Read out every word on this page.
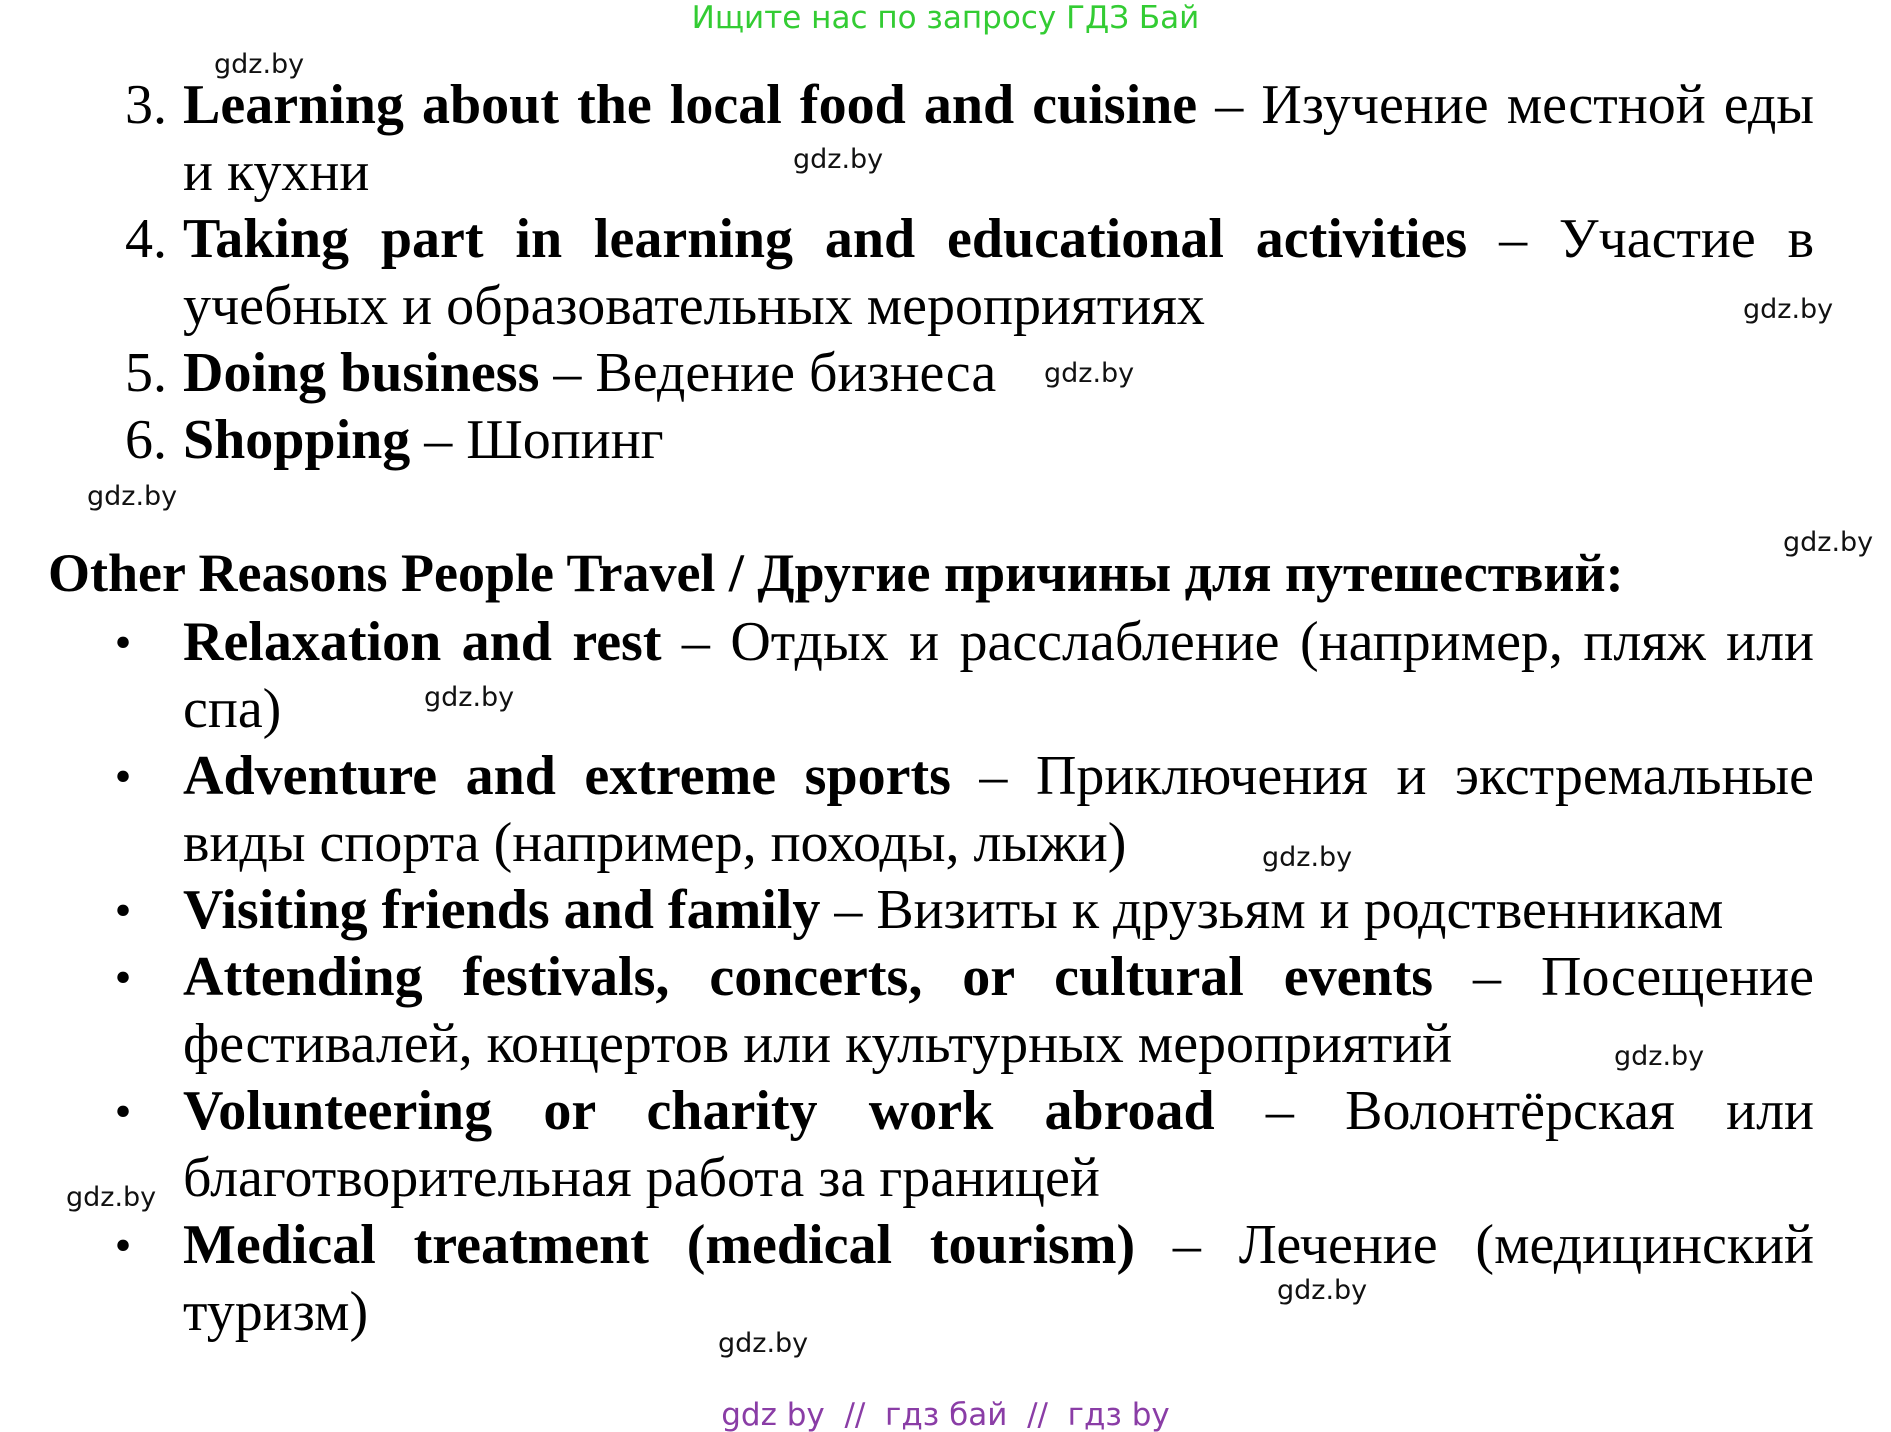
Ищите нас по запросу ГДЗ Бай
3. Learning about the local food and cuisine – Изучение местной еды и кухни
4. Taking part in learning and educational activities – Участие в учебных и образовательных мероприятиях
5. Doing business – Ведение бизнеса
6. Shopping – Шопинг
Other Reasons People Travel / Другие причины для путешествий:
• Relaxation and rest – Отдых и расслабление (например, пляж или спа)
• Adventure and extreme sports – Приключения и экстремальные виды спорта (например, походы, лыжи)
• Visiting friends and family – Визиты к друзьям и родственникам
• Attending festivals, concerts, or cultural events – Посещение фестивалей, концертов или культурных мероприятий
• Volunteering or charity work abroad – Волонтёрская или благотворительная работа за границей
• Medical treatment (medical tourism) – Лечение (медицинский туризм)
gdz.by
gdz.by
gdz.by
gdz.by
gdz.by
gdz.by
gdz.by
gdz.by
gdz.by
gdz.by
gdz.by
gdz.by
gdz by  //  гдз бай  //  гдз by
